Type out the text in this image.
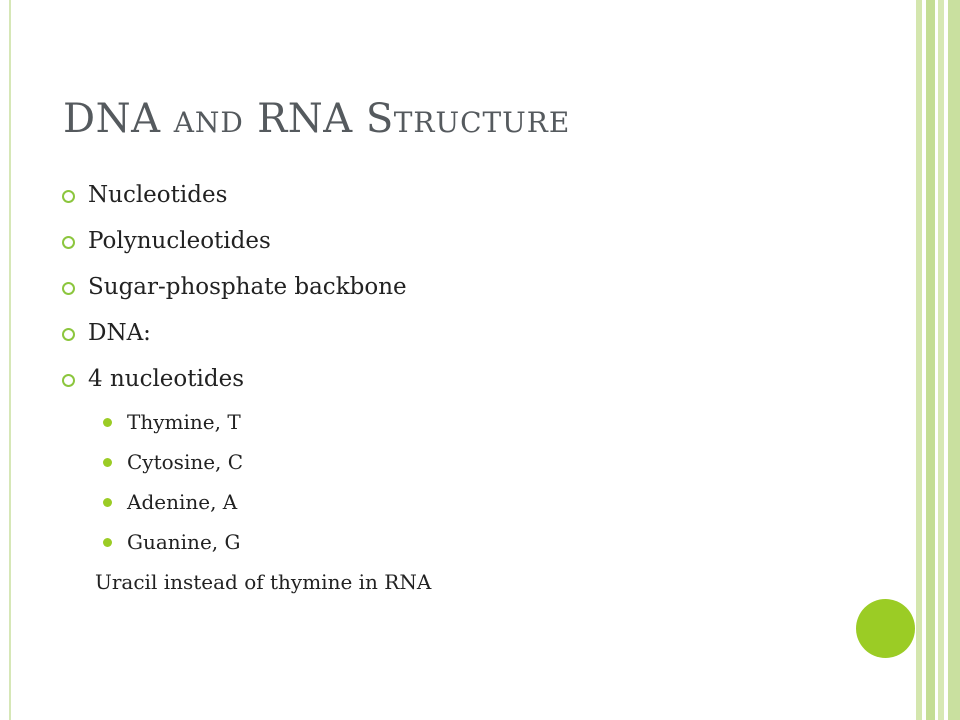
DNA AND RNA STRUCTURE
Nucleotides
Polynucleotides
Sugar-phosphate backbone
DNA:
4 nucleotides
Thymine, T
Cytosine, C
Adenine, A
Guanine, G
Uracil instead of thymine in RNA
